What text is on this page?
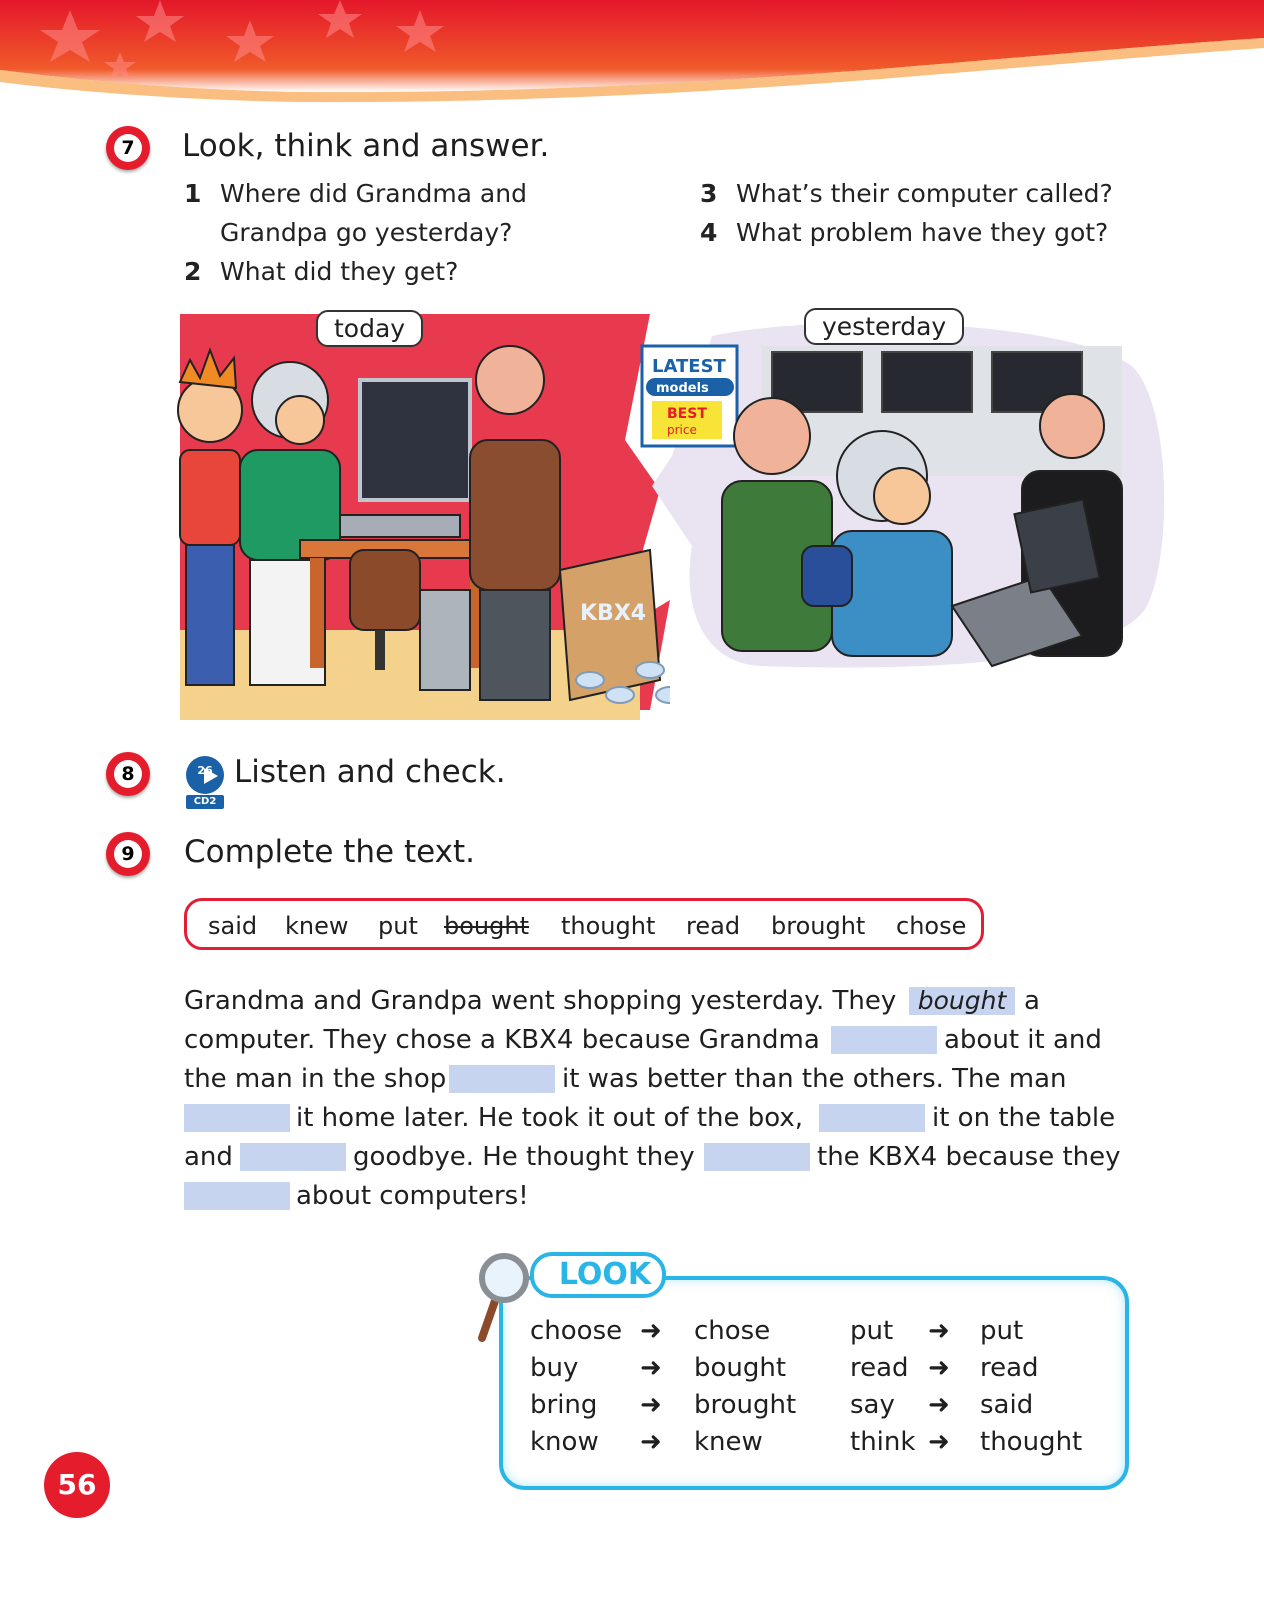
7 Look, think and answer.
1 Where did Grandma and
Grandpa go yesterday?
2 What did they get?
3 What’s their computer called?
4 What problem have they got?
KBX4
today
LATEST
models
BEST
price
yesterday
8	26
CD2
Listen and check.
9 Complete the text.
said knew put bought thought read brought chose
Grandma and Grandpa went shopping yesterday. They bought a
computer. They chose a KBX4 because Grandma	about it and
the man in the shop	it was better than the others. The man
it home later. He took it out of the box,	it on the table
and	goodbye. He thought they	the KBX4 because they
about computers!
LOOK
choose ➜ chose
buy ➜ bought
bring ➜ brought
know ➜ knew
put ➜ put
read ➜ read
say ➜ said
think ➜ thought
56
